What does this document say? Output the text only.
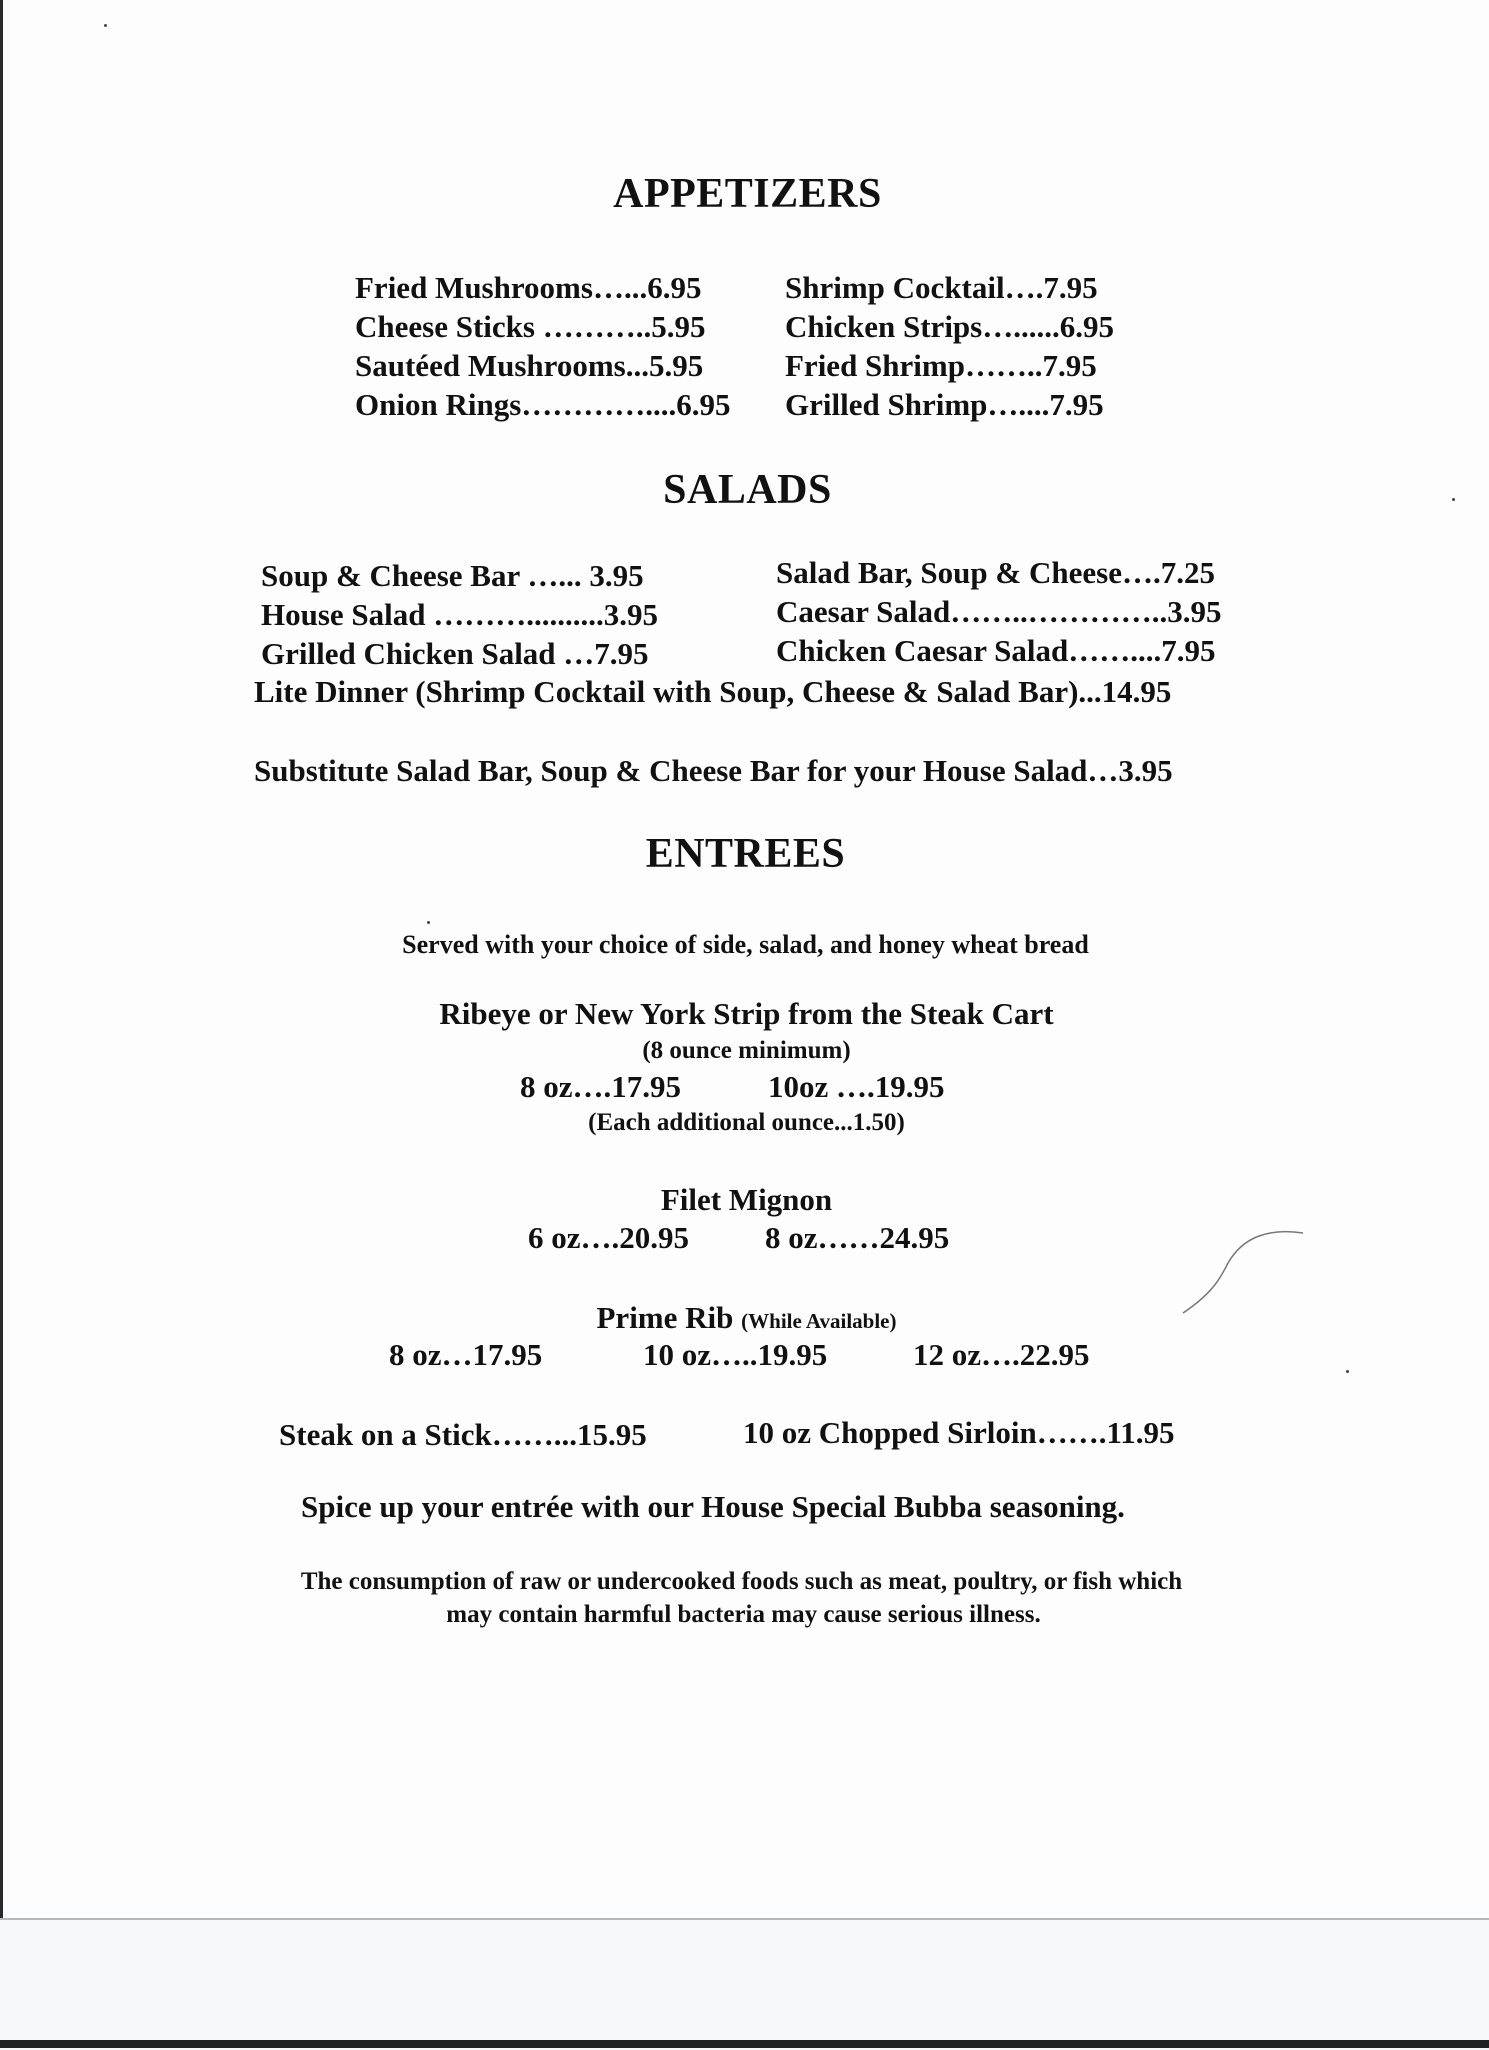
APPETIZERS
Fried Mushrooms…...6.95
Cheese Sticks ………..5.95
Sautéed Mushrooms...5.95
Onion Rings…………....6.95
Shrimp Cocktail….7.95
Chicken Strips…......6.95
Fried Shrimp……..7.95
Grilled Shrimp…....7.95
SALADS
Soup & Cheese Bar …... 3.95
House Salad ………..........3.95
Grilled Chicken Salad …7.95
Salad Bar, Soup & Cheese….7.25
Caesar Salad……..…………..3.95
Chicken Caesar Salad……....7.95
Lite Dinner (Shrimp Cocktail with Soup, Cheese & Salad Bar)...14.95
Substitute Salad Bar, Soup & Cheese Bar for your House Salad…3.95
ENTREES
Served with your choice of side, salad, and honey wheat bread
Ribeye or New York Strip from the Steak Cart
(8 ounce minimum)
8 oz….17.95	10oz ….19.95
(Each additional ounce...1.50)
Filet Mignon
6 oz….20.95 8 oz……24.95
Prime Rib (While Available)
8 oz…17.95	10 oz…..19.95	12 oz….22.95
Steak on a Stick……...15.95	10 oz Chopped Sirloin…….11.95
Spice up your entrée with our House Special Bubba seasoning.
The consumption of raw or undercooked foods such as meat, poultry, or fish which
may contain harmful bacteria may cause serious illness.
